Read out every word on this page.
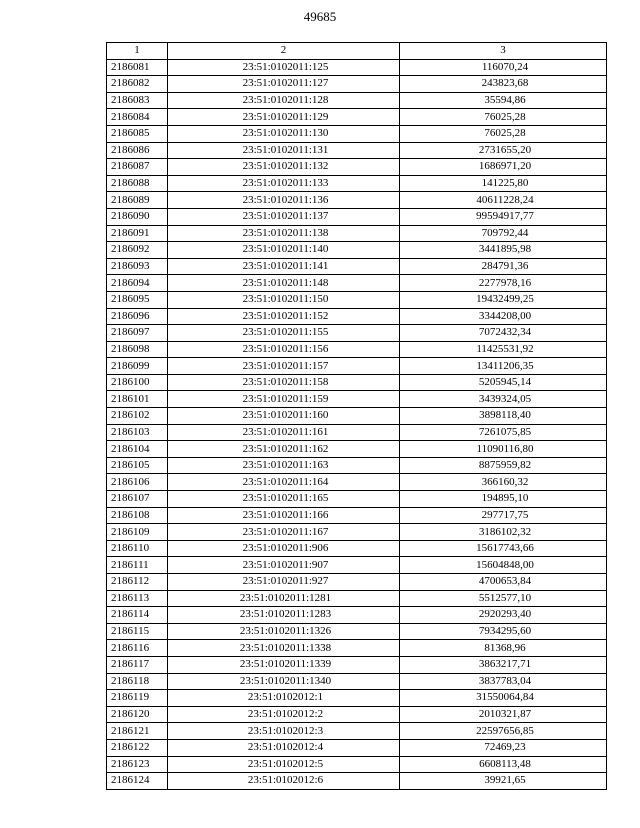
49685
1	2	3
2186081	23:51:0102011:125	116070,24
2186082	23:51:0102011:127	243823,68
2186083	23:51:0102011:128	35594,86
2186084	23:51:0102011:129	76025,28
2186085	23:51:0102011:130	76025,28
2186086	23:51:0102011:131	2731655,20
2186087	23:51:0102011:132	1686971,20
2186088	23:51:0102011:133	141225,80
2186089	23:51:0102011:136	40611228,24
2186090	23:51:0102011:137	99594917,77
2186091	23:51:0102011:138	709792,44
2186092	23:51:0102011:140	3441895,98
2186093	23:51:0102011:141	284791,36
2186094	23:51:0102011:148	2277978,16
2186095	23:51:0102011:150	19432499,25
2186096	23:51:0102011:152	3344208,00
2186097	23:51:0102011:155	7072432,34
2186098	23:51:0102011:156	11425531,92
2186099	23:51:0102011:157	13411206,35
2186100	23:51:0102011:158	5205945,14
2186101	23:51:0102011:159	3439324,05
2186102	23:51:0102011:160	3898118,40
2186103	23:51:0102011:161	7261075,85
2186104	23:51:0102011:162	11090116,80
2186105	23:51:0102011:163	8875959,82
2186106	23:51:0102011:164	366160,32
2186107	23:51:0102011:165	194895,10
2186108	23:51:0102011:166	297717,75
2186109	23:51:0102011:167	3186102,32
2186110	23:51:0102011:906	15617743,66
2186111	23:51:0102011:907	15604848,00
2186112	23:51:0102011:927	4700653,84
2186113	23:51:0102011:1281	5512577,10
2186114	23:51:0102011:1283	2920293,40
2186115	23:51:0102011:1326	7934295,60
2186116	23:51:0102011:1338	81368,96
2186117	23:51:0102011:1339	3863217,71
2186118	23:51:0102011:1340	3837783,04
2186119	23:51:0102012:1	31550064,84
2186120	23:51:0102012:2	2010321,87
2186121	23:51:0102012:3	22597656,85
2186122	23:51:0102012:4	72469,23
2186123	23:51:0102012:5	6608113,48
2186124	23:51:0102012:6	39921,65
